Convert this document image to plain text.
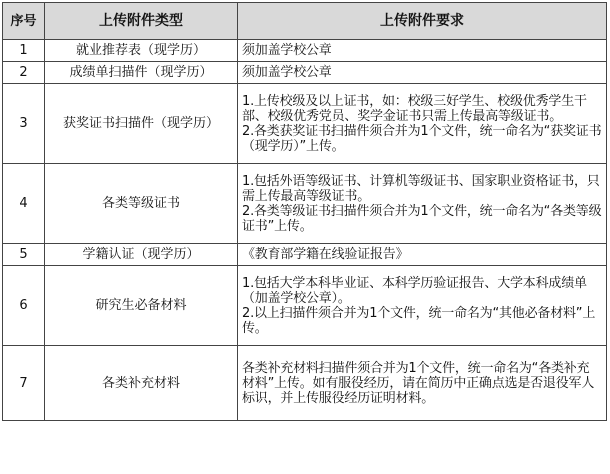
序号	上传附件类型	上传附件要求
1	就业推荐表（现学历）	须加盖学校公章

2	成绩单扫描件（现学历）	须加盖学校公章

3	获奖证书扫描件（现学历）	1.上传校级及以上证书，如：校级三好学生、校级优秀学生干部、校级优秀党员、奖学金证书只需上传最高等级证书。
2.各类获奖证书扫描件须合并为1个文件，统一命名为“获奖证书（现学历）”上传。

4	各类等级证书	1.包括外语等级证书、计算机等级证书、国家职业资格证书，只需上传最高等级证书。
2.各类等级证书扫描件须合并为1个文件，统一命名为“各类等级证书”上传。

5	学籍认证（现学历）	《教育部学籍在线验证报告》

6	研究生必备材料	1.包括大学本科毕业证、本科学历验证报告、大学本科成绩单（加盖学校公章）。
2.以上扫描件须合并为1个文件，统一命名为“其他必备材料”上传。

7	各类补充材料	各类补充材料扫描件须合并为1个文件，统一命名为“各类补充材料”上传。如有服役经历，请在简历中正确点选是否退役军人标识，并上传服役经历证明材料。
